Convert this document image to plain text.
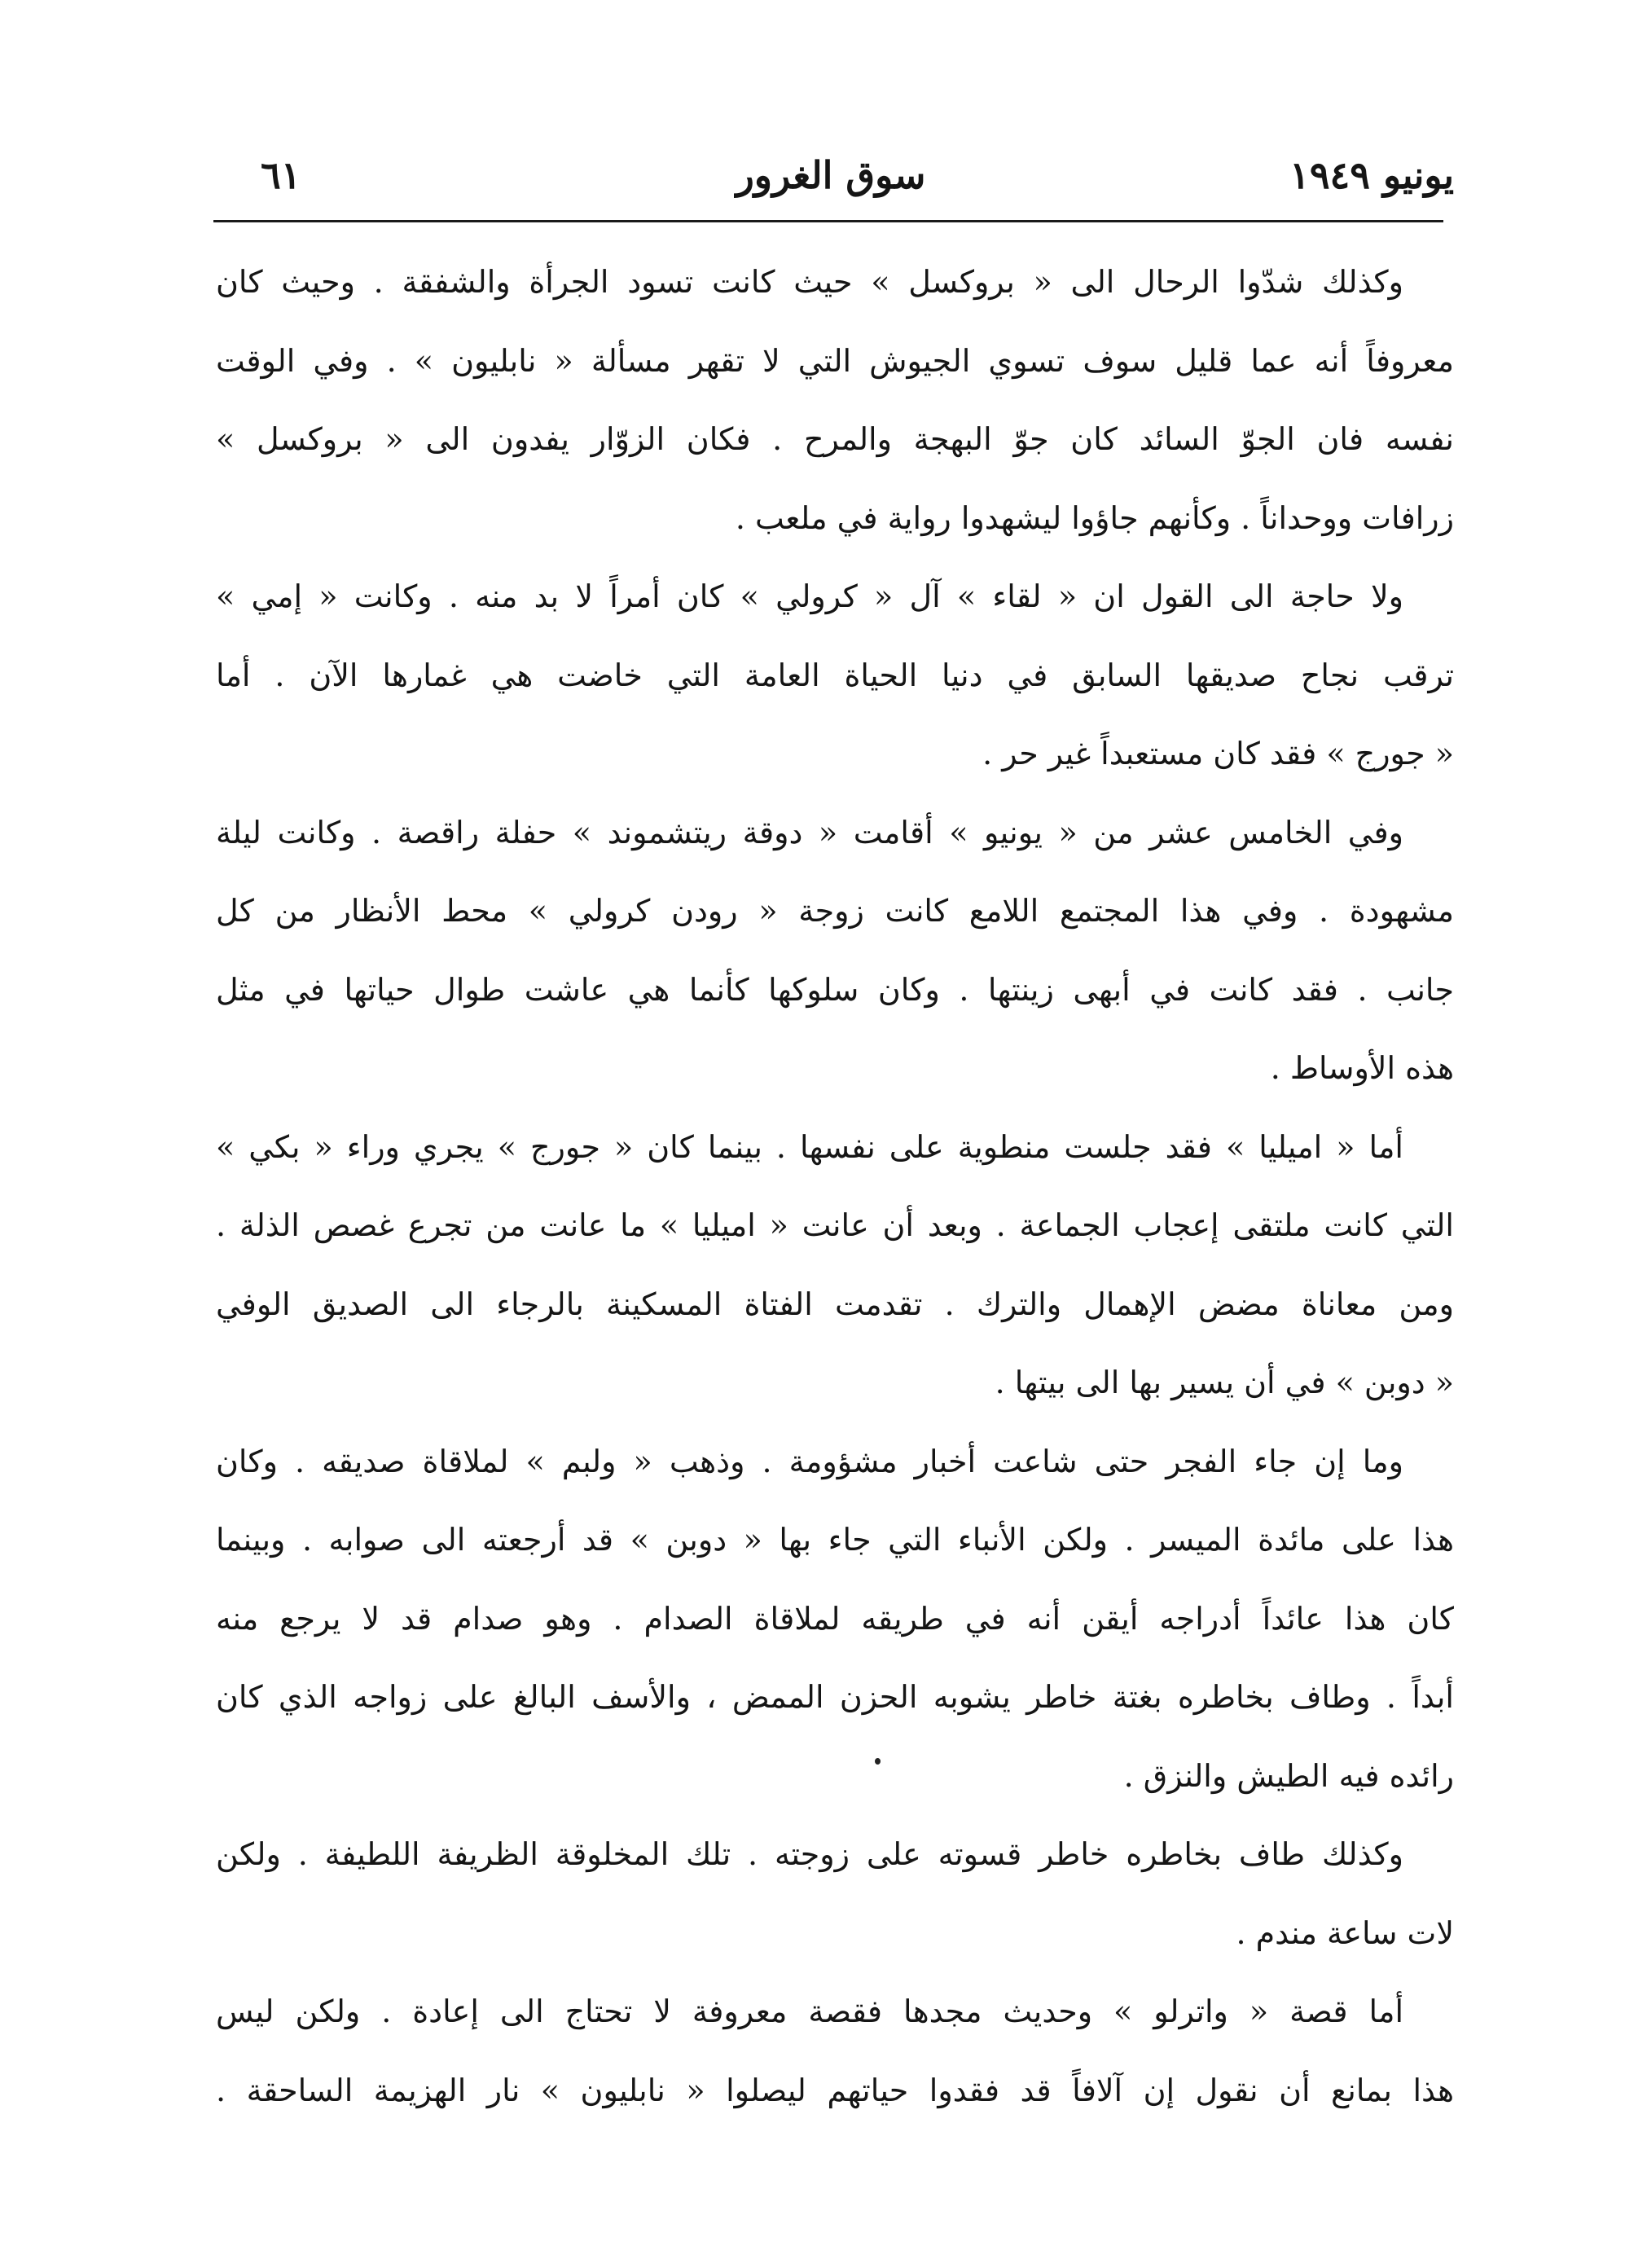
يونيو ١٩٤٩
سوق الغرور
٦١
وكذلك شدّوا الرحال الى « بروكسل » حيث كانت تسود الجرأة والشفقة . وحيث كان
معروفاً أنه عما قليل سوف تسوي الجيوش التي لا تقهر مسألة « نابليون » . وفي الوقت
نفسه فان الجوّ السائد كان جوّ البهجة والمرح . فكان الزوّار يفدون الى « بروكسل »
زرافات ووحداناً . وكأنهم جاؤوا ليشهدوا رواية في ملعب .
ولا حاجة الى القول ان « لقاء » آل « كرولي » كان أمراً لا بد منه . وكانت « إمي »
ترقب نجاح صديقها السابق في دنيا الحياة العامة التي خاضت هي غمارها الآن . أما
« جورج » فقد كان مستعبداً غير حر .
وفي الخامس عشر من « يونيو » أقامت « دوقة ريتشموند » حفلة راقصة . وكانت ليلة
مشهودة . وفي هذا المجتمع اللامع كانت زوجة « رودن كرولي » محط الأنظار من كل
جانب . فقد كانت في أبهى زينتها . وكان سلوكها كأنما هي عاشت طوال حياتها في مثل
هذه الأوساط .
أما « اميليا » فقد جلست منطوية على نفسها . بينما كان « جورج » يجري وراء « بكي »
التي كانت ملتقى إعجاب الجماعة . وبعد أن عانت « اميليا » ما عانت من تجرع غصص الذلة .
ومن معاناة مضض الإهمال والترك . تقدمت الفتاة المسكينة بالرجاء الى الصديق الوفي
« دوبن » في أن يسير بها الى بيتها .
وما إن جاء الفجر حتى شاعت أخبار مشؤومة . وذهب « ولبم » لملاقاة صديقه . وكان
هذا على مائدة الميسر . ولكن الأنباء التي جاء بها « دوبن » قد أرجعته الى صوابه . وبينما
كان هذا عائداً أدراجه أيقن أنه في طريقه لملاقاة الصدام . وهو صدام قد لا يرجع منه
أبداً . وطاف بخاطره بغتة خاطر يشوبه الحزن الممض ، والأسف البالغ على زواجه الذي كان
رائده فيه الطيش والنزق .
وكذلك طاف بخاطره خاطر قسوته على زوجته . تلك المخلوقة الظريفة اللطيفة . ولكن
لات ساعة مندم .
أما قصة « واترلو » وحديث مجدها فقصة معروفة لا تحتاج الى إعادة . ولكن ليس
هذا بمانع أن نقول إن آلافاً قد فقدوا حياتهم ليصلوا « نابليون » نار الهزيمة الساحقة .
